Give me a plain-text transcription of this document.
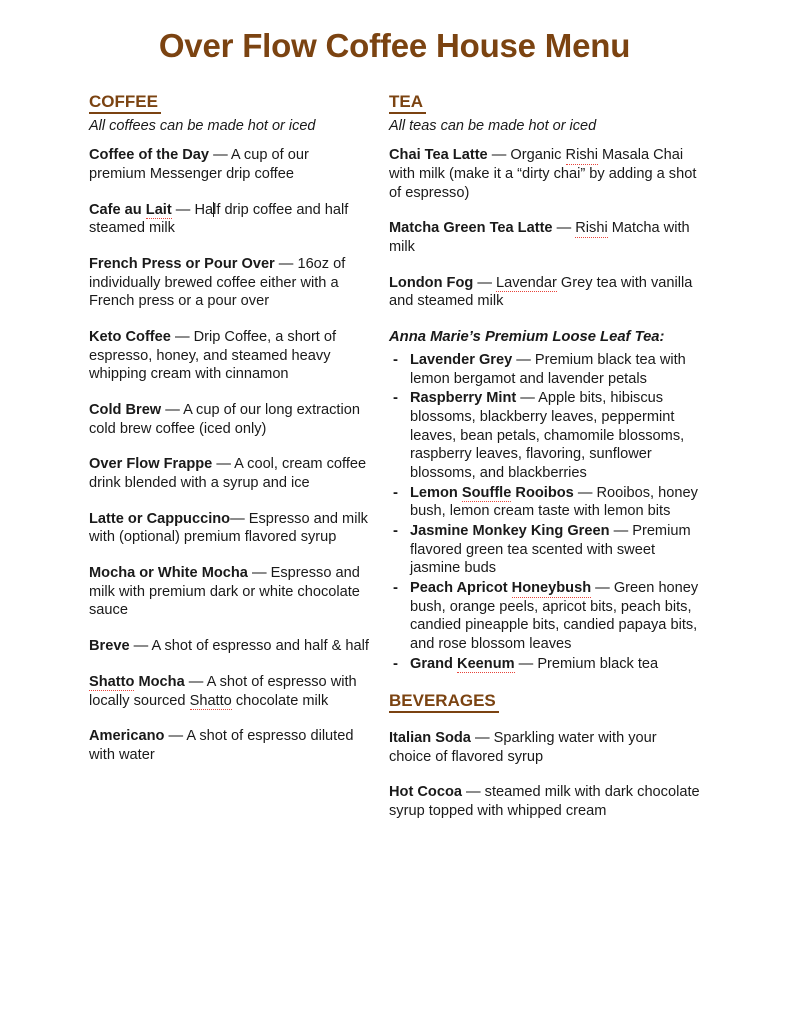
Over Flow Coffee House Menu
COFFEE

All coffees can be made hot or iced

Coffee of the Day — A cup of our premium Messenger drip coffee

Cafe au Lait — Half drip coffee and half steamed milk

French Press or Pour Over — 16oz of individually brewed coffee either with a French press or a pour over

Keto Coffee — Drip Coffee, a short of espresso, honey, and steamed heavy whipping cream with cinnamon

Cold Brew — A cup of our long extraction cold brew coffee (iced only)

Over Flow Frappe — A cool, cream coffee drink blended with a syrup and ice

Latte or Cappuccino— Espresso and milk with (optional) premium flavored syrup

Mocha or White Mocha — Espresso and milk with premium dark or white chocolate sauce

Breve — A shot of espresso and half & half

Shatto Mocha — A shot of espresso with locally sourced Shatto chocolate milk

Americano — A shot of espresso diluted with water

TEA

All teas can be made hot or iced

Chai Tea Latte — Organic Rishi Masala Chai with milk (make it a “dirty chai” by adding a shot of espresso)

Matcha Green Tea Latte — Rishi Matcha with milk

London Fog — Lavendar Grey tea with vanilla and steamed milk

Anna Marie’s Premium Loose Leaf Tea:

- Lavender Grey — Premium black tea with lemon bergamot and lavender petals
- Raspberry Mint — Apple bits, hibiscus blossoms, blackberry leaves, peppermint leaves, bean petals, chamomile blossoms, raspberry leaves, flavoring, sunflower blossoms, and blackberries
- Lemon Souffle Rooibos — Rooibos, honey bush, lemon cream taste with lemon bits
- Jasmine Monkey King Green — Premium flavored green tea scented with sweet jasmine buds
- Peach Apricot Honeybush — Green honey bush, orange peels, apricot bits, peach bits, candied pineapple bits, candied papaya bits, and rose blossom leaves
- Grand Keenum — Premium black tea
BEVERAGES

Italian Soda — Sparkling water with your choice of flavored syrup

Hot Cocoa — steamed milk with dark chocolate syrup topped with whipped cream
